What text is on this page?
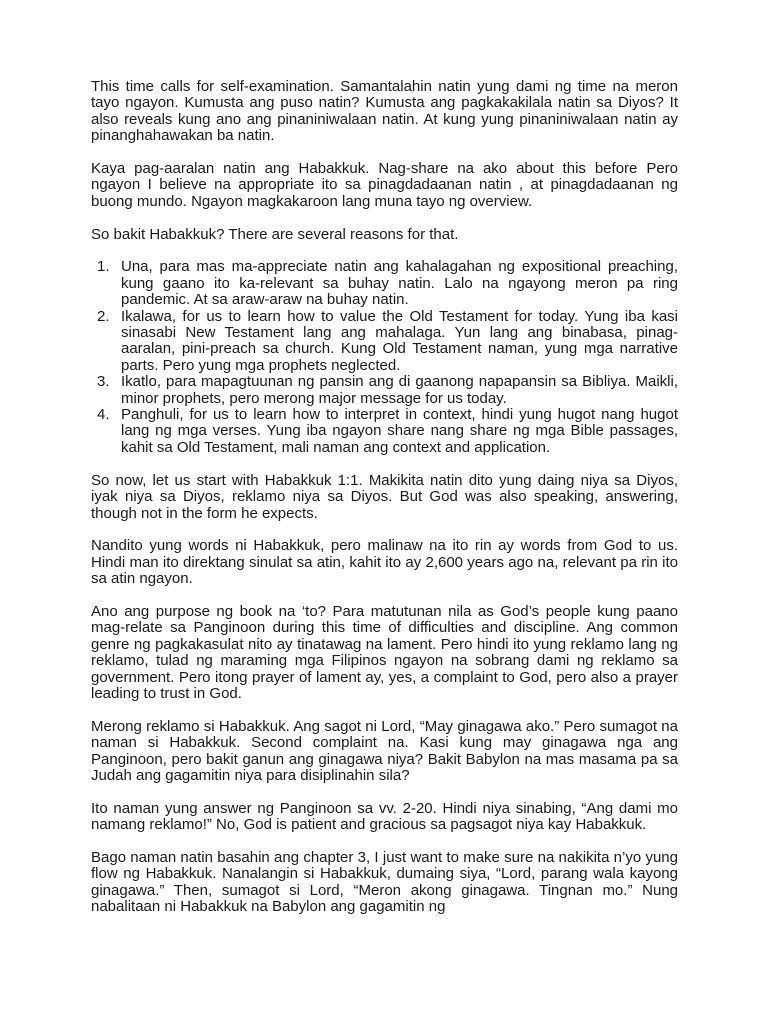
This time calls for self-examination. Samantalahin natin yung dami ng time na meron tayo ngayon. Kumusta ang puso natin? Kumusta ang pagkakakilala natin sa Diyos? It also reveals kung ano ang pinaniniwalaan natin. At kung yung pinaniniwalaan natin ay pinanghahawakan ba natin.

Kaya pag-aaralan natin ang Habakkuk. Nag-share na ako about this before Pero ngayon I believe na appropriate ito sa pinagdadaanan natin , at pinagdadaanan ng buong mundo. Ngayon magkakaroon lang muna tayo ng overview.

So bakit Habakkuk? There are several reasons for that.

1. Una, para mas ma-appreciate natin ang kahalagahan ng expositional preaching, kung gaano ito ka-relevant sa buhay natin. Lalo na ngayong meron pa ring pandemic. At sa araw-araw na buhay natin.
2. Ikalawa, for us to learn how to value the Old Testament for today. Yung iba kasi sinasabi New Testament lang ang mahalaga. Yun lang ang binabasa, pinag-aaralan, pini-preach sa church. Kung Old Testament naman, yung mga narrative parts. Pero yung mga prophets neglected.
3. Ikatlo, para mapagtuunan ng pansin ang di gaanong napapansin sa Bibliya. Maikli, minor prophets, pero merong major message for us today.
4. Panghuli, for us to learn how to interpret in context, hindi yung hugot nang hugot lang ng mga verses. Yung iba ngayon share nang share ng mga Bible passages, kahit sa Old Testament, mali naman ang context and application.

So now, let us start with Habakkuk 1:1. Makikita natin dito yung daing niya sa Diyos, iyak niya sa Diyos, reklamo niya sa Diyos. But God was also speaking, answering, though not in the form he expects.

Nandito yung words ni Habakkuk, pero malinaw na ito rin ay words from God to us. Hindi man ito direktang sinulat sa atin, kahit ito ay 2,600 years ago na, relevant pa rin ito sa atin ngayon.

Ano ang purpose ng book na ‘to? Para matutunan nila as God’s people kung paano mag-relate sa Panginoon during this time of difficulties and discipline. Ang common genre ng pagkakasulat nito ay tinatawag na lament. Pero hindi ito yung reklamo lang ng reklamo, tulad ng maraming mga Filipinos ngayon na sobrang dami ng reklamo sa government. Pero itong prayer of lament ay, yes, a complaint to God, pero also a prayer leading to trust in God.

Merong reklamo si Habakkuk. Ang sagot ni Lord, “May ginagawa ako.” Pero sumagot na naman si Habakkuk. Second complaint na. Kasi kung may ginagawa nga ang Panginoon, pero bakit ganun ang ginagawa niya? Bakit Babylon na mas masama pa sa Judah ang gagamitin niya para disiplinahin sila?

Ito naman yung answer ng Panginoon sa vv. 2-20. Hindi niya sinabing, “Ang dami mo namang reklamo!” No, God is patient and gracious sa pagsagot niya kay Habakkuk.

Bago naman natin basahin ang chapter 3, I just want to make sure na nakikita n’yo yung flow ng Habakkuk. Nanalangin si Habakkuk, dumaing siya, “Lord, parang wala kayong ginagawa.” Then, sumagot si Lord, “Meron akong ginagawa. Tingnan mo.” Nung nabalitaan ni Habakkuk na Babylon ang gagamitin ng
